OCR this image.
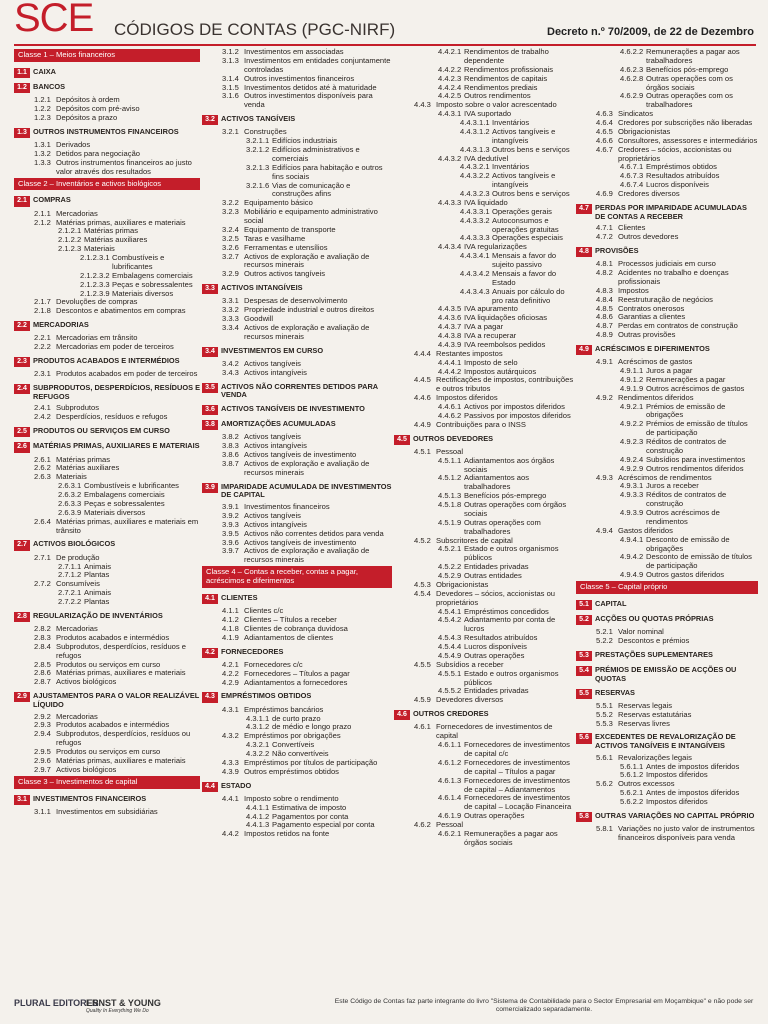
SCE CÓDIGOS DE CONTAS (PGC-NIRF)	Decreto n.º 70/2009, de 22 de Dezembro
Classe 1 – Meios financeiros
1.1 CAIXA
1.2 BANCOS
1.2.1 Depósitos à ordem
1.2.2 Depósitos com pré-aviso
1.2.3 Depósitos a prazo
1.3 OUTROS INSTRUMENTOS FINANCEIROS
1.3.1 Derivados
1.3.2 Detidos para negociação
1.3.3 Outros instrumentos financeiros ao justo valor através dos resultados
Classe 2 – Inventários e activos biológicos
2.1 COMPRAS
2.1.1 Mercadorias
2.1.2 Matérias primas, auxiliares e materiais
2.1.2.1 Matérias primas
2.1.2.2 Matérias auxiliares
2.1.2.3 Materiais
2.1.2.3.1 Combustíveis e lubrificantes
2.1.2.3.2 Embalagens comerciais
2.1.2.3.3 Peças e sobressalentes
2.1.2.3.9 Materiais diversos
2.1.7 Devoluções de compras
2.1.8 Descontos e abatimentos em compras
2.2 MERCADORIAS
2.2.1 Mercadorias em trânsito
2.2.2 Mercadorias em poder de terceiros
2.3 PRODUTOS ACABADOS E INTERMÉDIOS
2.3.1 Produtos acabados em poder de terceiros
2.4 SUBPRODUTOS, DESPERDÍCIOS, RESÍDUOS E REFUGOS
2.4.1 Subprodutos
2.4.2 Desperdícios, resíduos e refugos
2.5 PRODUTOS OU SERVIÇOS EM CURSO
2.6 MATÉRIAS PRIMAS, AUXILIARES E MATERIAIS
2.6.1 Matérias primas
2.6.2 Matérias auxiliares
2.6.3 Materiais
2.6.3.1 Combustíveis e lubrificantes
2.6.3.2 Embalagens comerciais
2.6.3.3 Peças e sobressalentes
2.6.3.9 Materiais diversos
2.6.4 Matérias primas, auxiliares e materiais em trânsito
2.7 ACTIVOS BIOLÓGICOS
2.7.1 De produção
2.7.1.1 Animais
2.7.1.2 Plantas
2.7.2 Consumíveis
2.7.2.1 Animais
2.7.2.2 Plantas
2.8 REGULARIZAÇÃO DE INVENTÁRIOS
2.8.2 Mercadorias
2.8.3 Produtos acabados e intermédios
2.8.4 Subprodutos, desperdícios, resíduos e refugos
2.8.5 Produtos ou serviços em curso
2.8.6 Matérias primas, auxiliares e materiais
2.8.7 Activos biológicos
2.9 AJUSTAMENTOS PARA O VALOR REALIZÁVEL LÍQUIDO
2.9.2 Mercadorias
2.9.3 Produtos acabados e intermédios
2.9.4 Subprodutos, desperdícios, resíduos ou refugos
2.9.5 Produtos ou serviços em curso
2.9.6 Matérias primas, auxiliares e materiais
2.9.7 Activos biológicos
Classe 3 – Investimentos de capital
3.1 INVESTIMENTOS FINANCEIROS
3.1.1 Investimentos em subsidiárias
3.1.2 Investimentos em associadas
3.1.3 Investimentos em entidades conjuntamente controladas
3.1.4 Outros investimentos financeiros
3.1.5 Investimentos detidos até à maturidade
3.1.6 Outros investimentos disponíveis para venda
3.2 ACTIVOS TANGÍVEIS
3.2.1 Construções
3.2.1.1 Edifícios industriais
3.2.1.2 Edifícios administrativos e comerciais
3.2.1.3 Edifícios para habitação e outros fins sociais
3.2.1.6 Vias de comunicação e construções afins
3.2.2 Equipamento básico
3.2.3 Mobiliário e equipamento administrativo social
3.2.4 Equipamento de transporte
3.2.5 Taras e vasilhame
3.2.6 Ferramentas e utensílios
3.2.7 Activos de exploração e avaliação de recursos minerais
3.2.9 Outros activos tangíveis
3.3 ACTIVOS INTANGÍVEIS
3.3.1 Despesas de desenvolvimento
3.3.2 Propriedade industrial e outros direitos
3.3.3 Goodwill
3.3.4 Activos de exploração e avaliação de recursos minerais
3.4 INVESTIMENTOS EM CURSO
3.4.2 Activos tangíveis
3.4.3 Activos intangíveis
3.5 ACTIVOS NÃO CORRENTES DETIDOS PARA VENDA
3.6 ACTIVOS TANGÍVEIS DE INVESTIMENTO
3.8 AMORTIZAÇÕES ACUMULADAS
3.8.2 Activos tangíveis
3.8.3 Activos intangíveis
3.8.6 Activos tangíveis de investimento
3.8.7 Activos de exploração e avaliação de recursos minerais
3.9 IMPARIDADE ACUMULADA DE INVESTIMENTOS DE CAPITAL
3.9.1 Investimentos financeiros
3.9.2 Activos tangíveis
3.9.3 Activos intangíveis
3.9.5 Activos não correntes detidos para venda
3.9.6 Activos tangíveis de investimento
3.9.7 Activos de exploração e avaliação de recursos minerais
Classe 4 – Contas a receber, contas a pagar, acréscimos e diferimentos
4.1 CLIENTES
4.1.1 Clientes c/c
4.1.2 Clientes – Títulos a receber
4.1.8 Clientes de cobrança duvidosa
4.1.9 Adiantamentos de clientes
4.2 FORNECEDORES
4.2.1 Fornecedores c/c
4.2.2 Fornecedores – Títulos a pagar
4.2.9 Adiantamentos a fornecedores
4.3 EMPRÉSTIMOS OBTIDOS
4.3.1 Empréstimos bancários
4.3.1.1 de curto prazo
4.3.1.2 de médio e longo prazo
4.3.2 Empréstimos por obrigações
4.3.2.1 Convertíveis
4.3.2.2 Não convertíveis
4.3.3 Empréstimos por títulos de participação
4.3.9 Outros empréstimos obtidos
4.4 ESTADO
4.4.1 Imposto sobre o rendimento
4.4.1.1 Estimativa de imposto
4.4.1.2 Pagamentos por conta
4.4.1.3 Pagamento especial por conta
4.4.2 Impostos retidos na fonte
4.4.2.1 Rendimentos de trabalho dependente
4.4.2.2 Rendimentos profissionais
4.4.2.3 Rendimentos de capitais
4.4.2.4 Rendimentos prediais
4.4.2.5 Outros rendimentos
4.4.3 Imposto sobre o valor acrescentado
4.4.3.1 IVA suportado
4.4.3.1.1 Inventários
4.4.3.1.2 Activos tangíveis e intangíveis
4.4.3.1.3 Outros bens e serviços
4.4.3.2 IVA dedutível
4.4.3.2.1 Inventários
4.4.3.2.2 Activos tangíveis e intangíveis
4.4.3.2.3 Outros bens e serviços
4.4.3.3 IVA liquidado
4.4.3.3.1 Operações gerais
4.4.3.3.2 Autoconsumos e operações gratuitas
4.4.3.3.3 Operações especiais
4.4.3.4 IVA regularizações
4.4.3.4.1 Mensais a favor do sujeito passivo
4.4.3.4.2 Mensais a favor do Estado
4.4.3.4.3 Anuais por cálculo do pro rata definitivo
4.4.3.5 IVA apuramento
4.4.3.6 IVA liquidações oficiosas
4.4.3.7 IVA a pagar
4.4.3.8 IVA a recuperar
4.4.3.9 IVA reembolsos pedidos
4.4.4 Restantes impostos
4.4.4.1 Imposto de selo
4.4.4.2 Impostos autárquicos
4.4.5 Rectificações de impostos, contribuições e outros tributos
4.4.6 Impostos diferidos
4.4.6.1 Activos por impostos diferidos
4.4.6.2 Passivos por impostos diferidos
4.4.9 Contribuições para o INSS
4.5 OUTROS DEVEDORES
4.5.1 Pessoal
4.5.1.1 Adiantamentos aos órgãos sociais
4.5.1.2 Adiantamentos aos trabalhadores
4.5.1.3 Benefícios pós-emprego
4.5.1.8 Outras operações com órgãos sociais
4.5.1.9 Outras operações com trabalhadores
4.5.2 Subscritores de capital
4.5.2.1 Estado e outros organismos públicos
4.5.2.2 Entidades privadas
4.5.2.9 Outras entidades
4.5.3 Obrigacionistas
4.5.4 Devedores – sócios, accionistas ou proprietários
4.5.4.1 Empréstimos concedidos
4.5.4.2 Adiantamento por conta de lucros
4.5.4.3 Resultados atribuídos
4.5.4.4 Lucros disponíveis
4.5.4.9 Outras operações
4.5.5 Subsídios a receber
4.5.5.1 Estado e outros organismos públicos
4.5.5.2 Entidades privadas
4.5.9 Devedores diversos
4.6 OUTROS CREDORES
4.6.1 Fornecedores de investimentos de capital
4.6.1.1 Fornecedores de investimentos de capital c/c
4.6.1.2 Fornecedores de investimentos de capital – Títulos a pagar
4.6.1.3 Fornecedores de investimentos de capital – Adiantamentos
4.6.1.4 Fornecedores de investimentos de capital – Locação Financeira
4.6.1.9 Outras operações
4.6.2 Pessoal
4.6.2.1 Remunerações a pagar aos órgãos sociais
4.6.2.2 Remunerações a pagar aos trabalhadores
4.6.2.3 Benefícios pós-emprego
4.6.2.8 Outras operações com os órgãos sociais
4.6.2.9 Outras operações com os trabalhadores
4.6.3 Sindicatos
4.6.4 Credores por subscrições não liberadas
4.6.5 Obrigacionistas
4.6.6 Consultores, assessores e intermediários
4.6.7 Credores – sócios, accionistas ou proprietários
4.6.7.1 Empréstimos obtidos
4.6.7.3 Resultados atribuídos
4.6.7.4 Lucros disponíveis
4.6.9 Credores diversos
4.7 PERDAS POR IMPARIDADE ACUMULADAS DE CONTAS A RECEBER
4.7.1 Clientes
4.7.2 Outros devedores
4.8 PROVISÕES
4.8.1 Processos judiciais em curso
4.8.2 Acidentes no trabalho e doenças profissionais
4.8.3 Impostos
4.8.4 Reestruturação de negócios
4.8.5 Contratos onerosos
4.8.6 Garantias a clientes
4.8.7 Perdas em contratos de construção
4.8.9 Outras provisões
4.9 ACRÉSCIMOS E DIFERIMENTOS
4.9.1 Acréscimos de gastos
4.9.1.1 Juros a pagar
4.9.1.2 Remunerações a pagar
4.9.1.9 Outros acréscimos de gastos
4.9.2 Rendimentos diferidos
4.9.2.1 Prémios de emissão de obrigações
4.9.2.2 Prémios de emissão de títulos de participação
4.9.2.3 Réditos de contratos de construção
4.9.2.4 Subsídios para investimentos
4.9.2.9 Outros rendimentos diferidos
4.9.3 Acréscimos de rendimentos
4.9.3.1 Juros a receber
4.9.3.3 Réditos de contratos de construção
4.9.3.9 Outros acréscimos de rendimentos
4.9.4 Gastos diferidos
4.9.4.1 Desconto de emissão de obrigações
4.9.4.2 Desconto de emissão de títulos de participação
4.9.4.9 Outros gastos diferidos
Classe 5 – Capital próprio
5.1 CAPITAL
5.2 ACÇÕES OU QUOTAS PRÓPRIAS
5.2.1 Valor nominal
5.2.2 Descontos e prémios
5.3 PRESTAÇÕES SUPLEMENTARES
5.4 PRÉMIOS DE EMISSÃO DE ACÇÕES OU QUOTAS
5.5 RESERVAS
5.5.1 Reservas legais
5.5.2 Reservas estatutárias
5.5.3 Reservas livres
5.6 EXCEDENTES DE REVALORIZAÇÃO DE ACTIVOS TANGÍVEIS E INTANGÍVEIS
5.6.1 Revalorizações legais
5.6.1.1 Antes de impostos diferidos
5.6.1.2 Impostos diferidos
5.6.2 Outros excessos
5.6.2.1 Antes de impostos diferidos
5.6.2.2 Impostos diferidos
5.8 OUTRAS VARIAÇÕES NO CAPITAL PRÓPRIO
5.8.1 Variações no justo valor de instrumentos financeiros disponíveis para venda
PLURAL EDITORES
ERNST & YOUNG
Quality In Everything We Do
Este Código de Contas faz parte integrante do livro "Sistema de Contabilidade para o Sector Empresarial em Moçambique" e não pode ser comercializado separadamente.
